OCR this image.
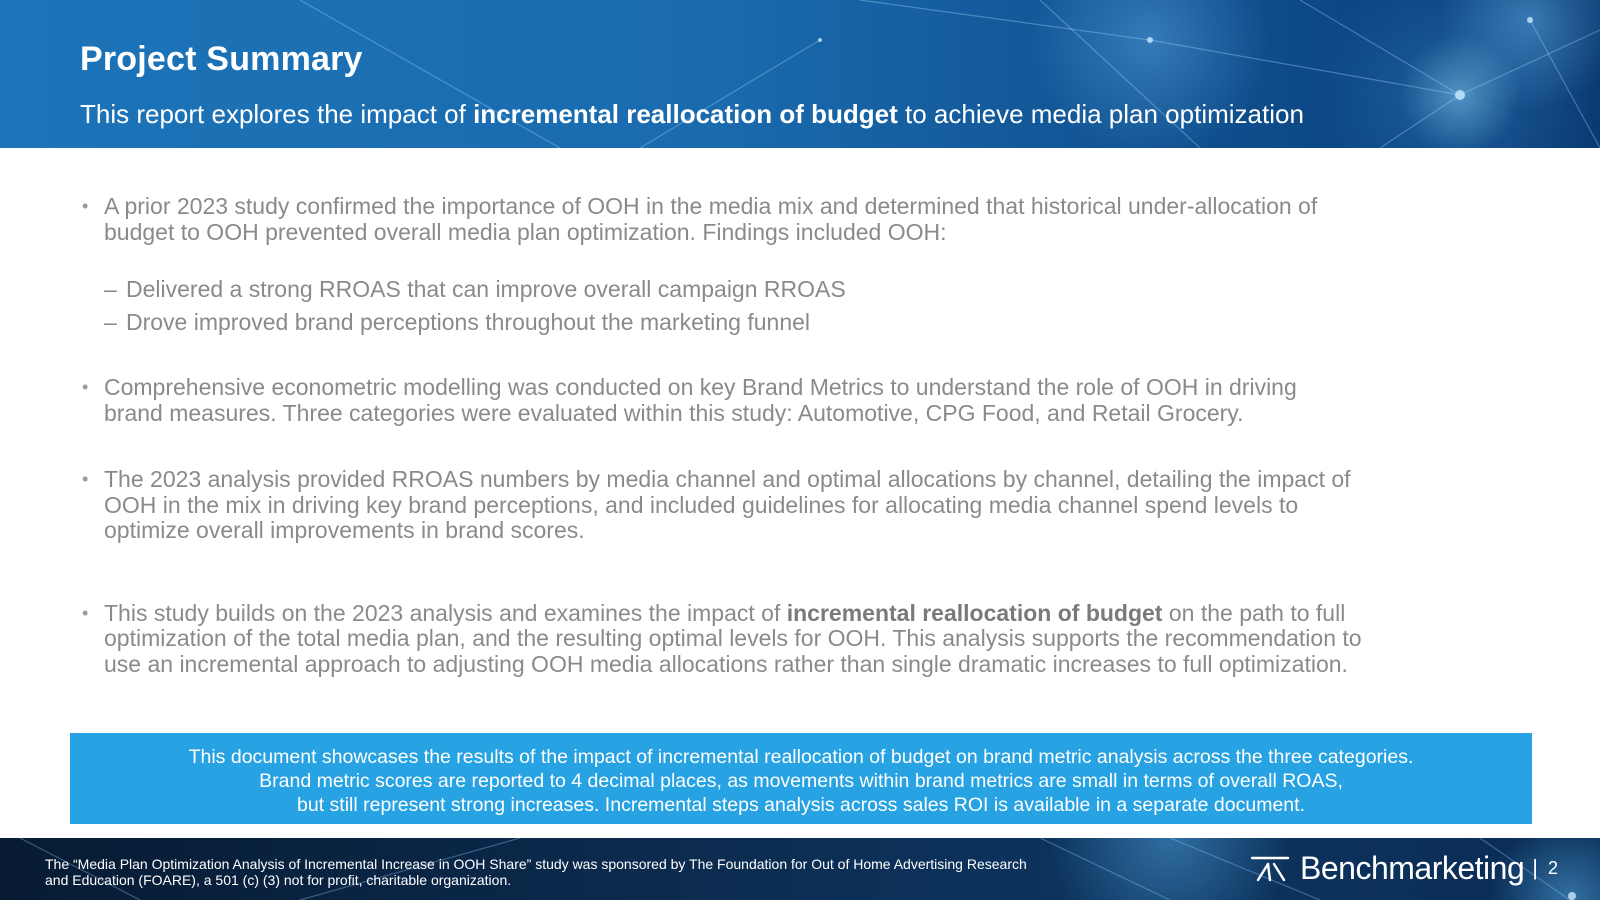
Project Summary

This report explores the impact of incremental reallocation of budget to achieve media plan optimization

• A prior 2023 study confirmed the importance of OOH in the media mix and determined that historical under-allocation of
budget to OOH prevented overall media plan optimization. Findings included OOH:
– Delivered a strong RROAS that can improve overall campaign RROAS
– Drove improved brand perceptions throughout the marketing funnel
• Comprehensive econometric modelling was conducted on key Brand Metrics to understand the role of OOH in driving
brand measures. Three categories were evaluated within this study: Automotive, CPG Food, and Retail Grocery.
• The 2023 analysis provided RROAS numbers by media channel and optimal allocations by channel, detailing the impact of
OOH in the mix in driving key brand perceptions, and included guidelines for allocating media channel spend levels to
optimize overall improvements in brand scores.
• This study builds on the 2023 analysis and examines the impact of incremental reallocation of budget on the path to full
optimization of the total media plan, and the resulting optimal levels for OOH. This analysis supports the recommendation to
use an incremental approach to adjusting OOH media allocations rather than single dramatic increases to full optimization.
This document showcases the results of the impact of incremental reallocation of budget on brand metric analysis across the three categories.
Brand metric scores are reported to 4 decimal places, as movements within brand metrics are small in terms of overall ROAS,
but still represent strong increases. Incremental steps analysis across sales ROI is available in a separate document.
The “Media Plan Optimization Analysis of Incremental Increase in OOH Share” study was sponsored by The Foundation for Out of Home Advertising Research
and Education (FOARE), a 501 (c) (3) not for profit, charitable organization.	Benchmarketing | 2
